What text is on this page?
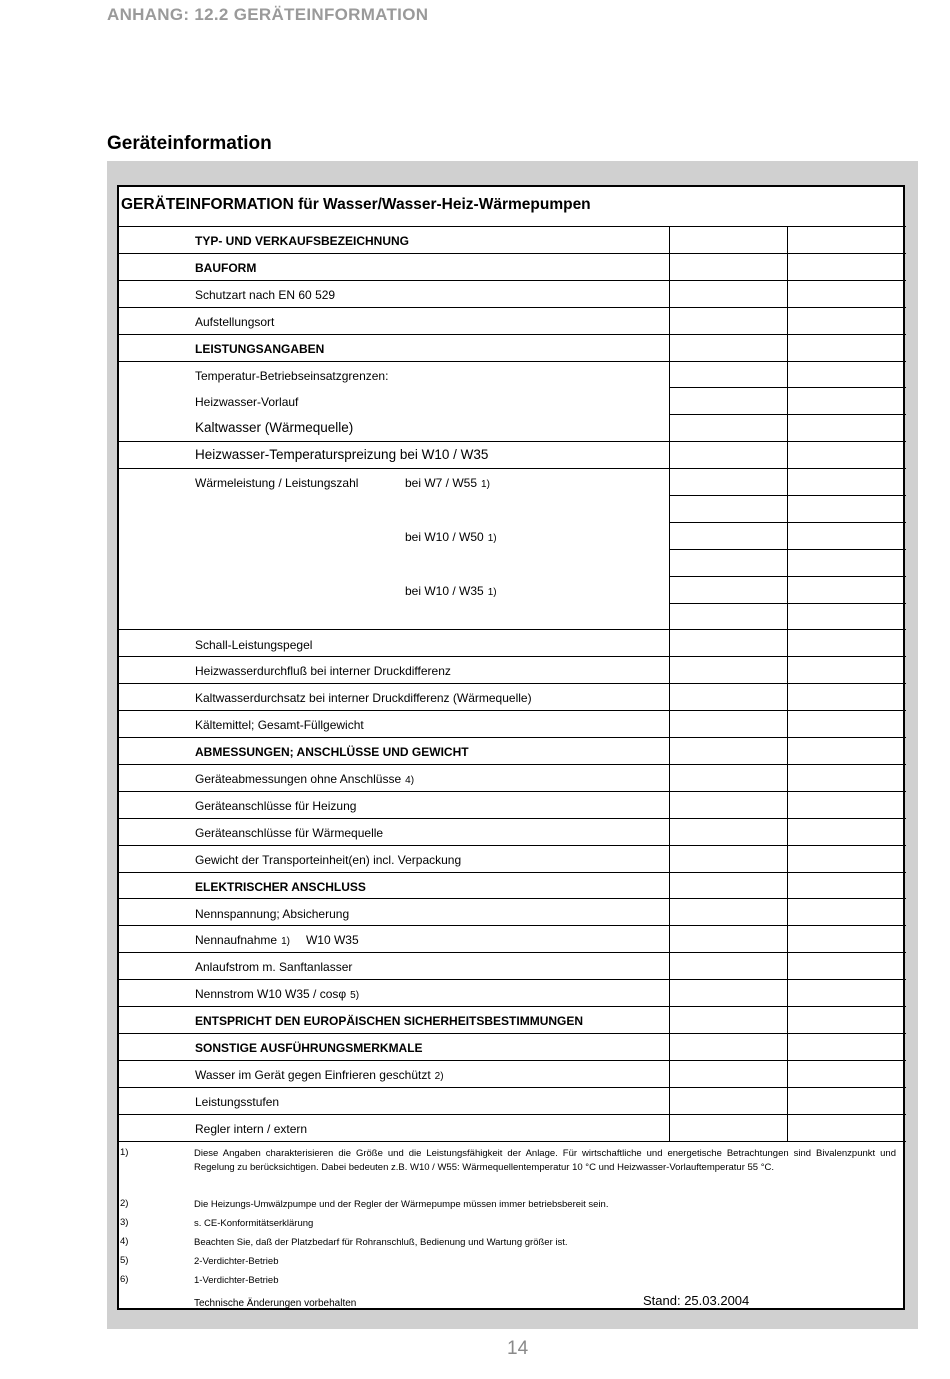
ANHANG: 12.2 GERÄTEINFORMATION
Geräteinformation
GERÄTEINFORMATION für Wasser/Wasser-Heiz-Wärmepumpen
TYP- UND VERKAUFSBEZEICHNUNG
BAUFORM
Schutzart nach EN 60 529
Aufstellungsort
LEISTUNGSANGABEN
Temperatur-Betriebseinsatzgrenzen:
Heizwasser-Vorlauf
Kaltwasser (Wärmequelle)
Heizwasser-Temperaturspreizung bei W10 / W35
Wärmeleistung / Leistungszahl	bei W7 / W55 1)
bei W10 / W50 1)
bei W10 / W35 1)
Schall-Leistungspegel
Heizwasserdurchfluß bei interner Druckdifferenz
Kaltwasserdurchsatz bei interner Druckdifferenz (Wärmequelle)
Kältemittel; Gesamt-Füllgewicht
ABMESSUNGEN; ANSCHLÜSSE UND GEWICHT
Geräteabmessungen ohne Anschlüsse 4)
Geräteanschlüsse für Heizung
Geräteanschlüsse für Wärmequelle
Gewicht der Transporteinheit(en) incl. Verpackung
ELEKTRISCHER ANSCHLUSS
Nennspannung; Absicherung
Nennaufnahme 1) W10 W35
Anlaufstrom m. Sanftanlasser
Nennstrom W10 W35 / cosφ 5)
ENTSPRICHT DEN EUROPÄISCHEN SICHERHEITSBESTIMMUNGEN
SONSTIGE AUSFÜHRUNGSMERKMALE
Wasser im Gerät gegen Einfrieren geschützt 2)
Leistungsstufen
Regler intern / extern
1)	Diese Angaben charakterisieren die Größe und die Leistungsfähigkeit der Anlage. Für wirtschaftliche und energetische Betrachtungen sind Bivalenzpunkt und Regelung zu berücksichtigen. Dabei bedeuten z.B. W10 / W55: Wärmequellentemperatur 10 °C und Heizwasser-Vorlauftemperatur 55 °C.
2)	Die Heizungs-Umwälzpumpe und der Regler der Wärmepumpe müssen immer betriebsbereit sein.
3)	s. CE-Konformitätserklärung
4)	Beachten Sie, daß der Platzbedarf für Rohranschluß, Bedienung und Wartung größer ist.
5)	2-Verdichter-Betrieb
6)	1-Verdichter-Betrieb
Technische Änderungen vorbehalten	Stand: 25.03.2004
14
